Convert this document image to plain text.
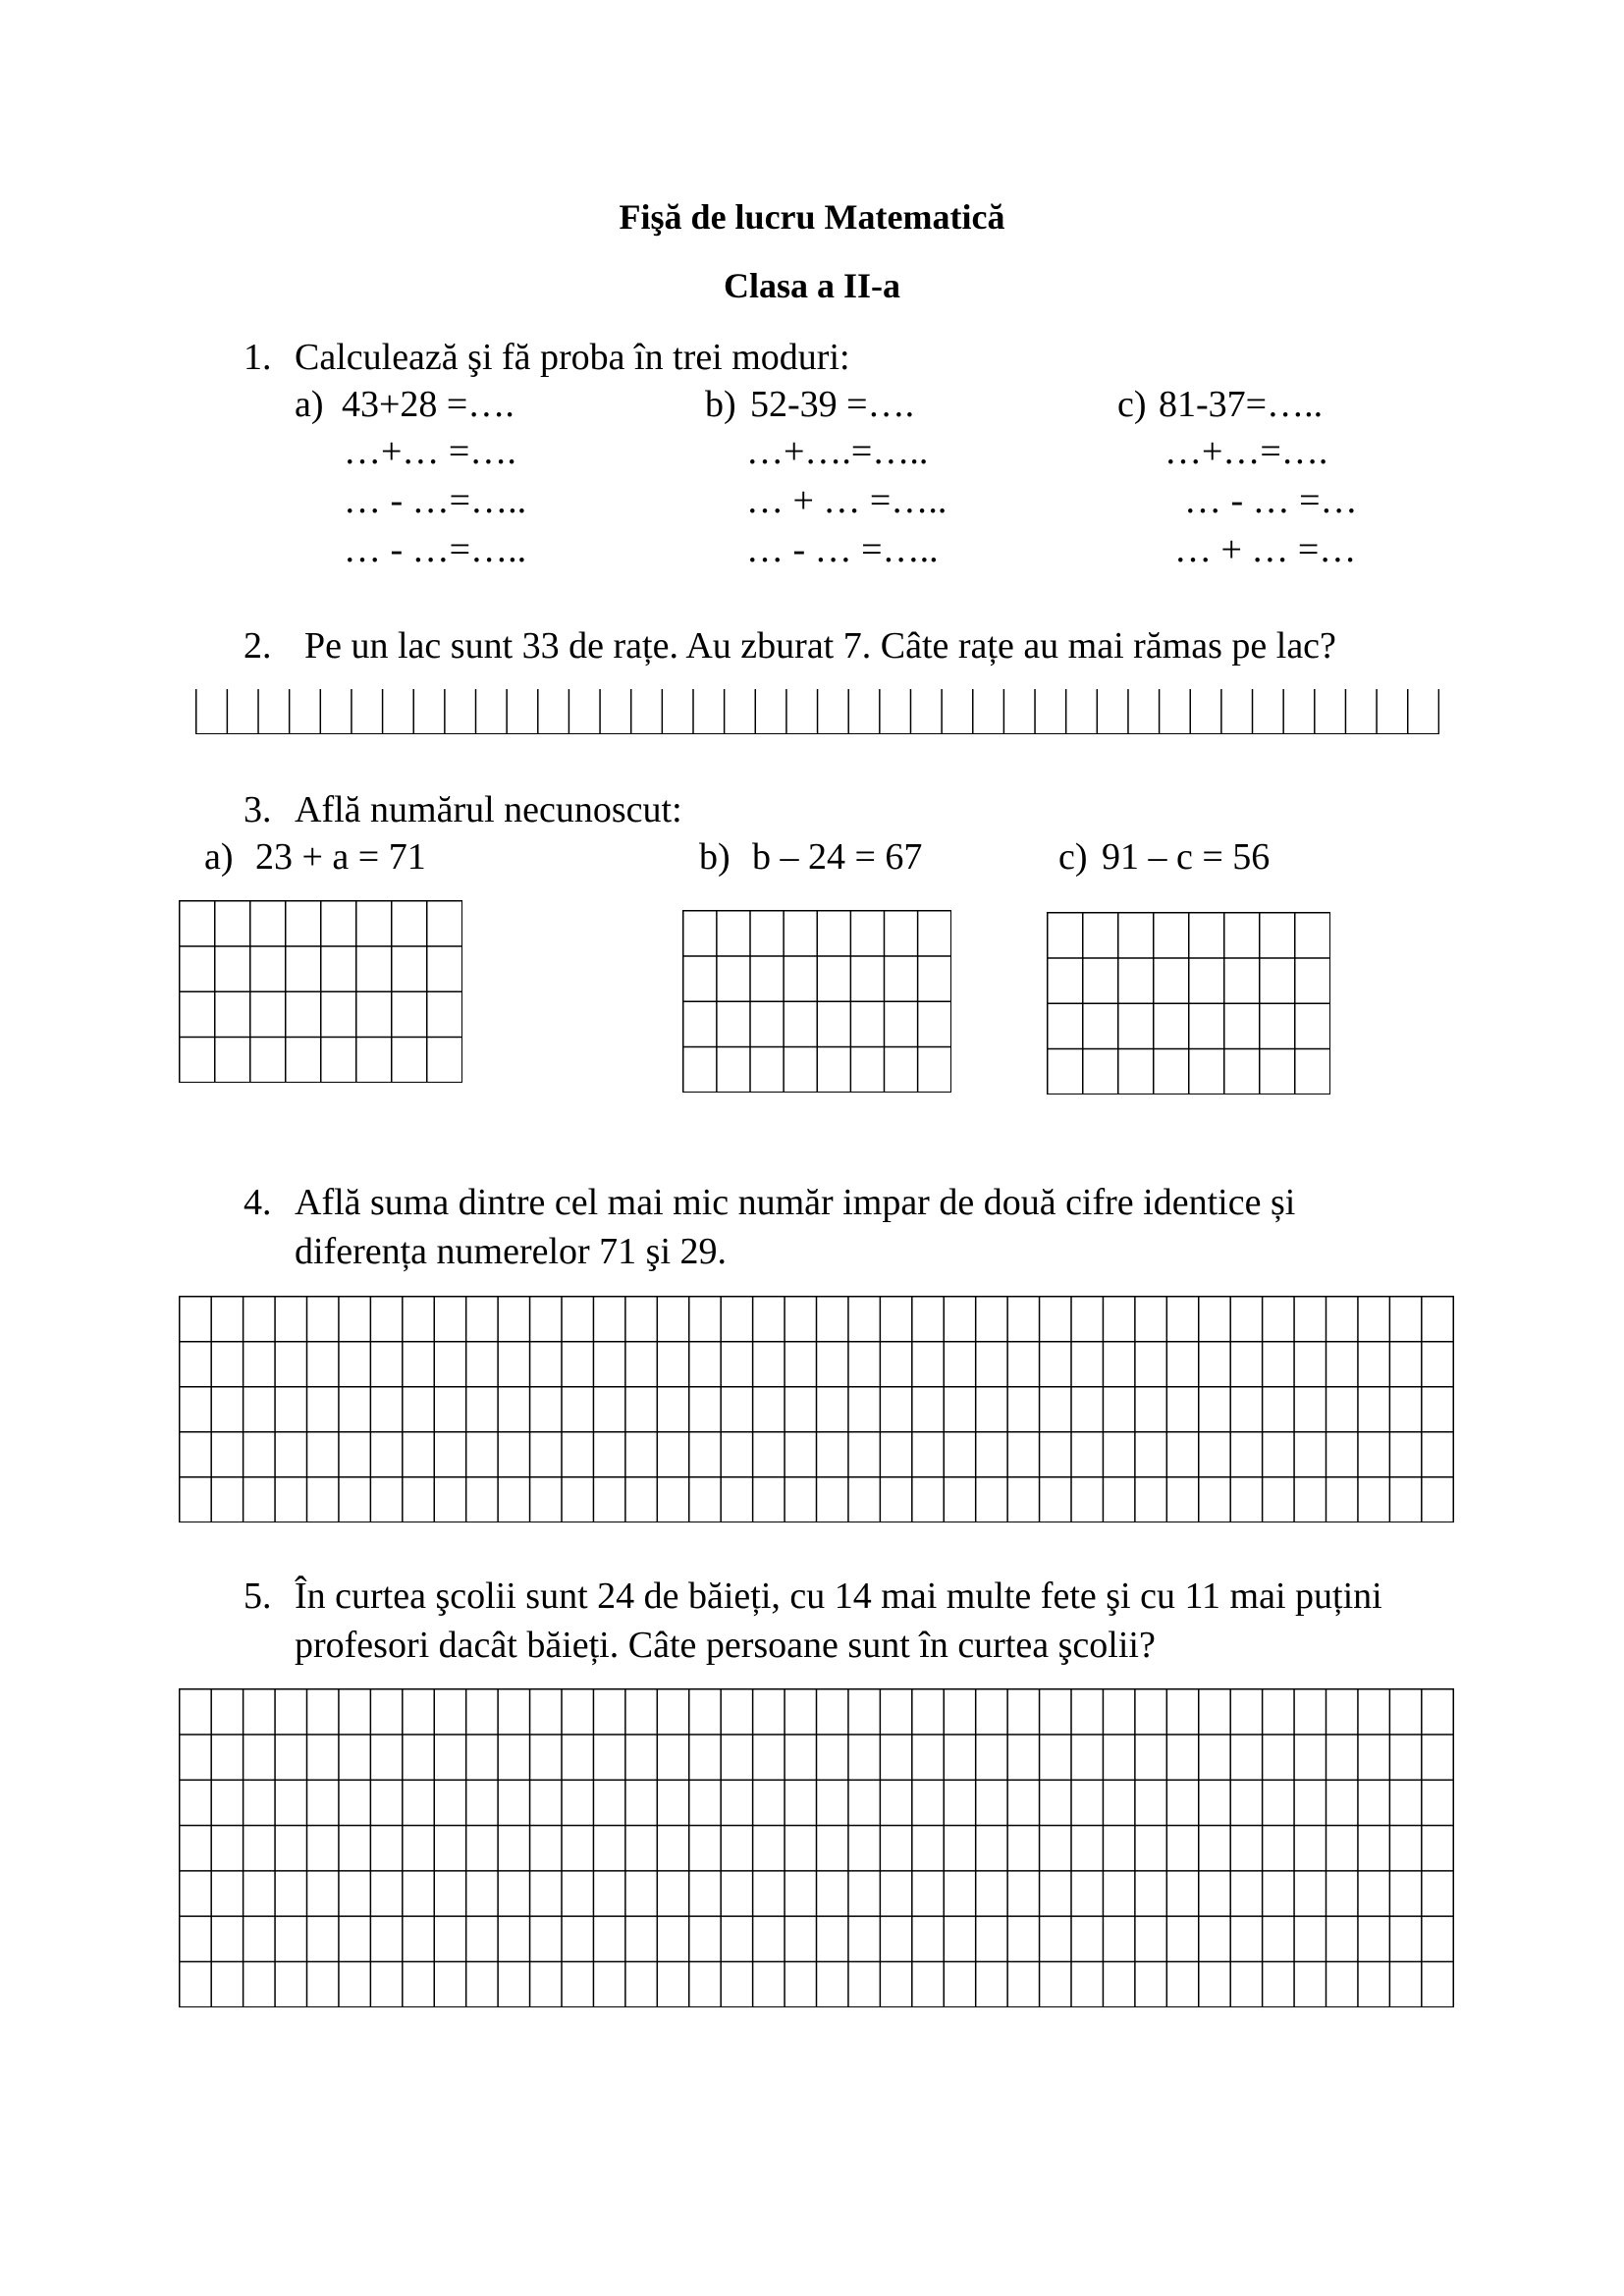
Fişă de lucru Matematică
Clasa a II-a
1. Calculează şi fă proba în trei moduri:
a) 43+28 =….
…+… =….
… - …=…..
… - …=…..
b) 52-39 =….
…+….=…..
… + … =…..
… - … =…..
c) 81-37=…..
…+…=….
… - … =…
… + … =…
2. Pe un lac sunt 33 de rațe. Au zburat 7. Câte rațe au mai rămas pe lac?
3. Află numărul necunoscut:
a) 23 + a = 71	b) b – 24 = 67	c) 91 – c = 56
4. Află suma dintre cel mai mic număr impar de două cifre identice și
diferența numerelor 71 şi 29.
5. În curtea şcolii sunt 24 de băieți, cu 14 mai multe fete şi cu 11 mai puțini
profesori dacât băieți. Câte persoane sunt în curtea şcolii?
